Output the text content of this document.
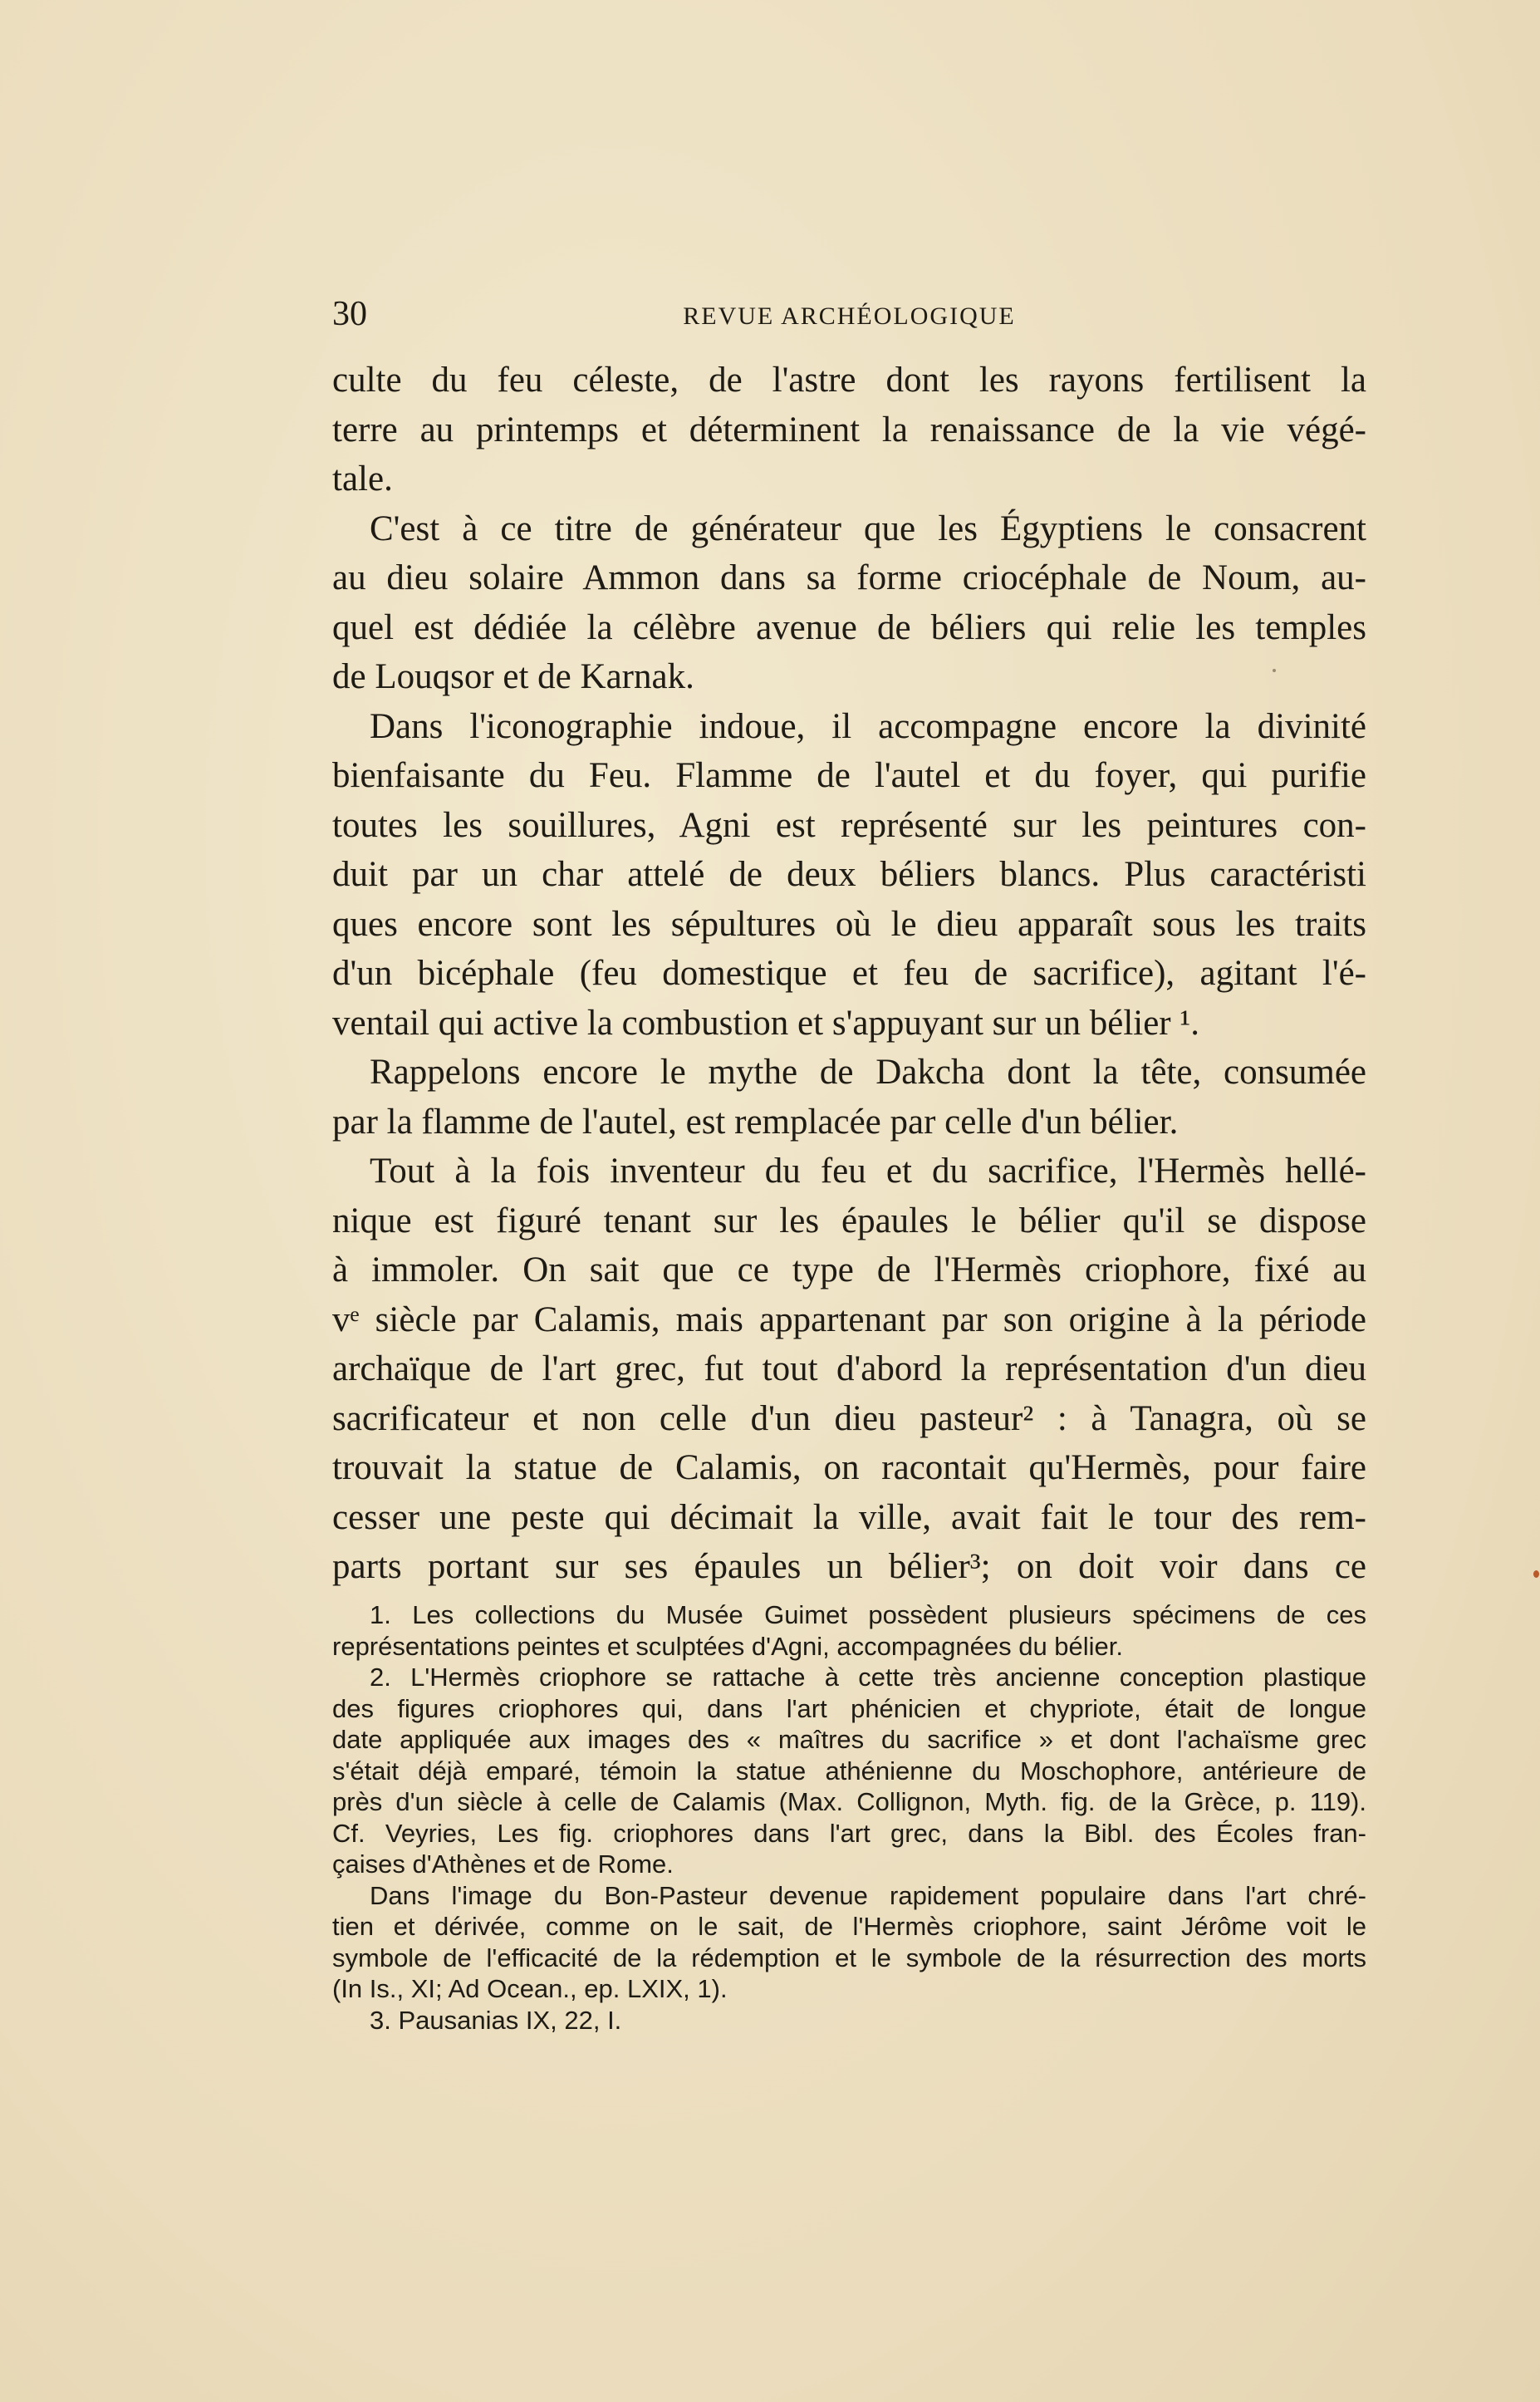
30	REVUE ARCHÉOLOGIQUE
culte du feu céleste, de l'astre dont les rayons fertilisent la
terre au printemps et déterminent la renaissance de la vie végé-
tale.
C'est à ce titre de générateur que les Égyptiens le consacrent
au dieu solaire Ammon dans sa forme criocéphale de Noum, au-
quel est dédiée la célèbre avenue de béliers qui relie les temples
de Louqsor et de Karnak.
Dans l'iconographie indoue, il accompagne encore la divinité
bienfaisante du Feu. Flamme de l'autel et du foyer, qui purifie
toutes les souillures, Agni est représenté sur les peintures con-
duit par un char attelé de deux béliers blancs. Plus caractéristi
ques encore sont les sépultures où le dieu apparaît sous les traits
d'un bicéphale (feu domestique et feu de sacrifice), agitant l'é-
ventail qui active la combustion et s'appuyant sur un bélier ¹.
Rappelons encore le mythe de Dakcha dont la tête, consumée
par la flamme de l'autel, est remplacée par celle d'un bélier.
Tout à la fois inventeur du feu et du sacrifice, l'Hermès hellé-
nique est figuré tenant sur les épaules le bélier qu'il se dispose
à immoler. On sait que ce type de l'Hermès criophore, fixé au
vᵉ siècle par Calamis, mais appartenant par son origine à la période
archaïque de l'art grec, fut tout d'abord la représentation d'un dieu
sacrificateur et non celle d'un dieu pasteur² : à Tanagra, où se
trouvait la statue de Calamis, on racontait qu'Hermès, pour faire
cesser une peste qui décimait la ville, avait fait le tour des rem-
parts portant sur ses épaules un bélier³; on doit voir dans ce
1. Les collections du Musée Guimet possèdent plusieurs spécimens de ces
représentations peintes et sculptées d'Agni, accompagnées du bélier.
2. L'Hermès criophore se rattache à cette très ancienne conception plastique
des figures criophores qui, dans l'art phénicien et chypriote, était de longue
date appliquée aux images des « maîtres du sacrifice » et dont l'achaïsme grec
s'était déjà emparé, témoin la statue athénienne du Moschophore, antérieure de
près d'un siècle à celle de Calamis (Max. Collignon, Myth. fig. de la Grèce, p. 119).
Cf. Veyries, Les fig. criophores dans l'art grec, dans la Bibl. des Écoles fran-
çaises d'Athènes et de Rome.
Dans l'image du Bon-Pasteur devenue rapidement populaire dans l'art chré-
tien et dérivée, comme on le sait, de l'Hermès criophore, saint Jérôme voit le
symbole de l'efficacité de la rédemption et le symbole de la résurrection des morts
(In Is., XI; Ad Ocean., ep. LXIX, 1).
3. Pausanias IX, 22, I.
